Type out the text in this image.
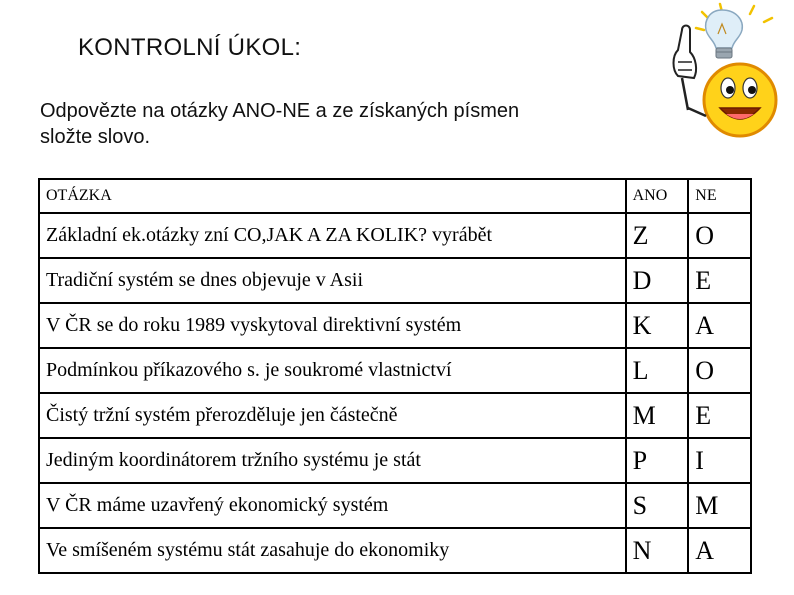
KONTROLNÍ ÚKOL:
Odpovězte na otázky ANO-NE a ze získaných písmen
složte slovo.
OTÁZKA	ANO	NE
Základní ek.otázky zní CO,JAK A ZA KOLIK? vyrábět	Z	O
Tradiční systém se dnes objevuje v Asii	D	E
V ČR se do roku 1989 vyskytoval direktivní systém	K	A
Podmínkou příkazového s. je soukromé vlastnictví	L	O
Čistý tržní systém přerozděluje jen částečně	M	E
Jediným koordinátorem tržního systému je stát	P	I
V ČR máme uzavřený ekonomický systém	S	M
Ve smíšeném systému stát zasahuje do ekonomiky	N	A
